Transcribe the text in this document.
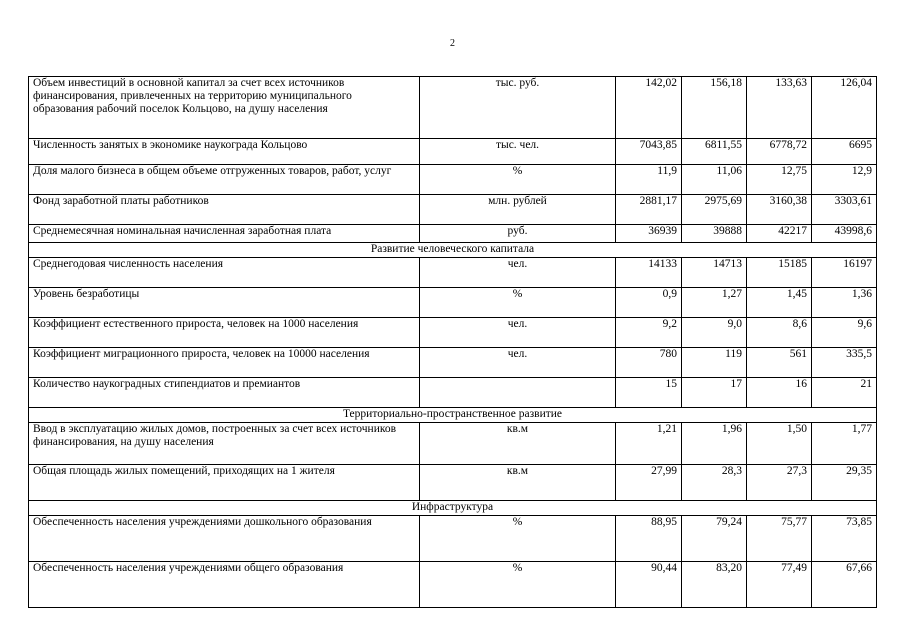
2
Объем инвестиций в основной капитал за счет всех источников финансирования, привлеченных на территорию муниципального образования рабочий поселок Кольцово, на душу населения	тыс. руб.	142,02	156,18	133,63	126,04
Численность занятых в экономике наукограда Кольцово	тыс. чел.	7043,85	6811,55	6778,72	6695
Доля малого бизнеса в общем объеме отгруженных товаров, работ, услуг	%	11,9	11,06	12,75	12,9
Фонд заработной платы работников	млн. рублей	2881,17	2975,69	3160,38	3303,61
Среднемесячная номинальная начисленная заработная плата	руб.	36939	39888	42217	43998,6
Развитие человеческого капитала					
Среднегодовая численность населения	чел.	14133	14713	15185	16197
Уровень безработицы	%	0,9	1,27	1,45	1,36
Коэффициент естественного прироста, человек на 1000 населения	чел.	9,2	9,0	8,6	9,6
Коэффициент миграционного прироста, человек на 10000 населения	чел.	780	119	561	335,5
Количество наукоградных стипендиатов и премиантов		15	17	16	21
Территориально-пространственное развитие					
Ввод в эксплуатацию жилых домов, построенных за счет всех источников финансирования, на душу населения	кв.м	1,21	1,96	1,50	1,77
Общая площадь жилых помещений, приходящих на 1 жителя	кв.м	27,99	28,3	27,3	29,35
Инфраструктура					
Обеспеченность населения учреждениями дошкольного образования	%	88,95	79,24	75,77	73,85
Обеспеченность населения учреждениями общего образования	%	90,44	83,20	77,49	67,66
